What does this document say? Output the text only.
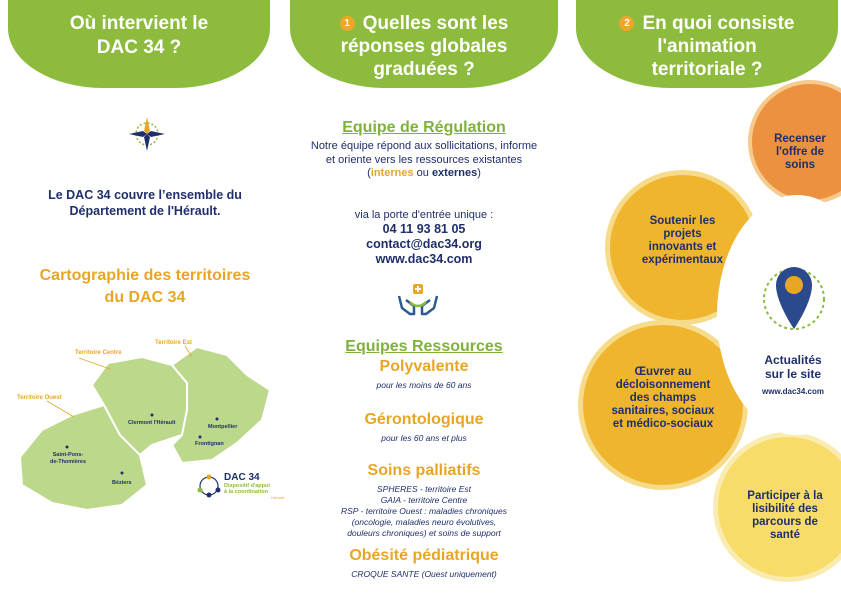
Où intervient le DAC 34 ?
Le DAC 34 couvre l’ensemble du
Département de l'Hérault.
Cartographie des territoires
du DAC 34
Territoire Centre
Territoire Est
Territoire Ouest
Clermont l'Hérault
Montpellier
Frontignan
Saint-Pons-
de-Thomières
Béziers	DAC 34
Dispositif d'appui
à la coordination
Hérault
1 Quelles sont les
réponses globales
graduées ?
Equipe de Régulation
Notre équipe répond aux sollicitations, informe
et oriente vers les ressources existantes
(internes ou externes)
via la porte d'entrée unique :
04 11 93 81 05
contact@dac34.org
www.dac34.com
Equipes Ressources
Polyvalente
pour les moins de 60 ans
Gérontologique
pour les 60 ans et plus
Soins palliatifs
SPHERES - territoire Est
GAIA - territoire Centre
RSP - territoire Ouest : maladies chroniques
(oncologie, maladies neuro évolutives,
douleurs chroniques) et soins de support
Obésité pédiatrique
CROQUE SANTE (Ouest uniquement)
2 En quoi consiste
l'animation
territoriale ?
Recenser
l'offre de
soins
Soutenir les
projets
innovants et
expérimentaux
Œuvrer au
décloisonnement
des champs
sanitaires, sociaux
et médico-sociaux
Participer à la
lisibilité des
parcours de
santé
Actualités
sur le site
www.dac34.com
